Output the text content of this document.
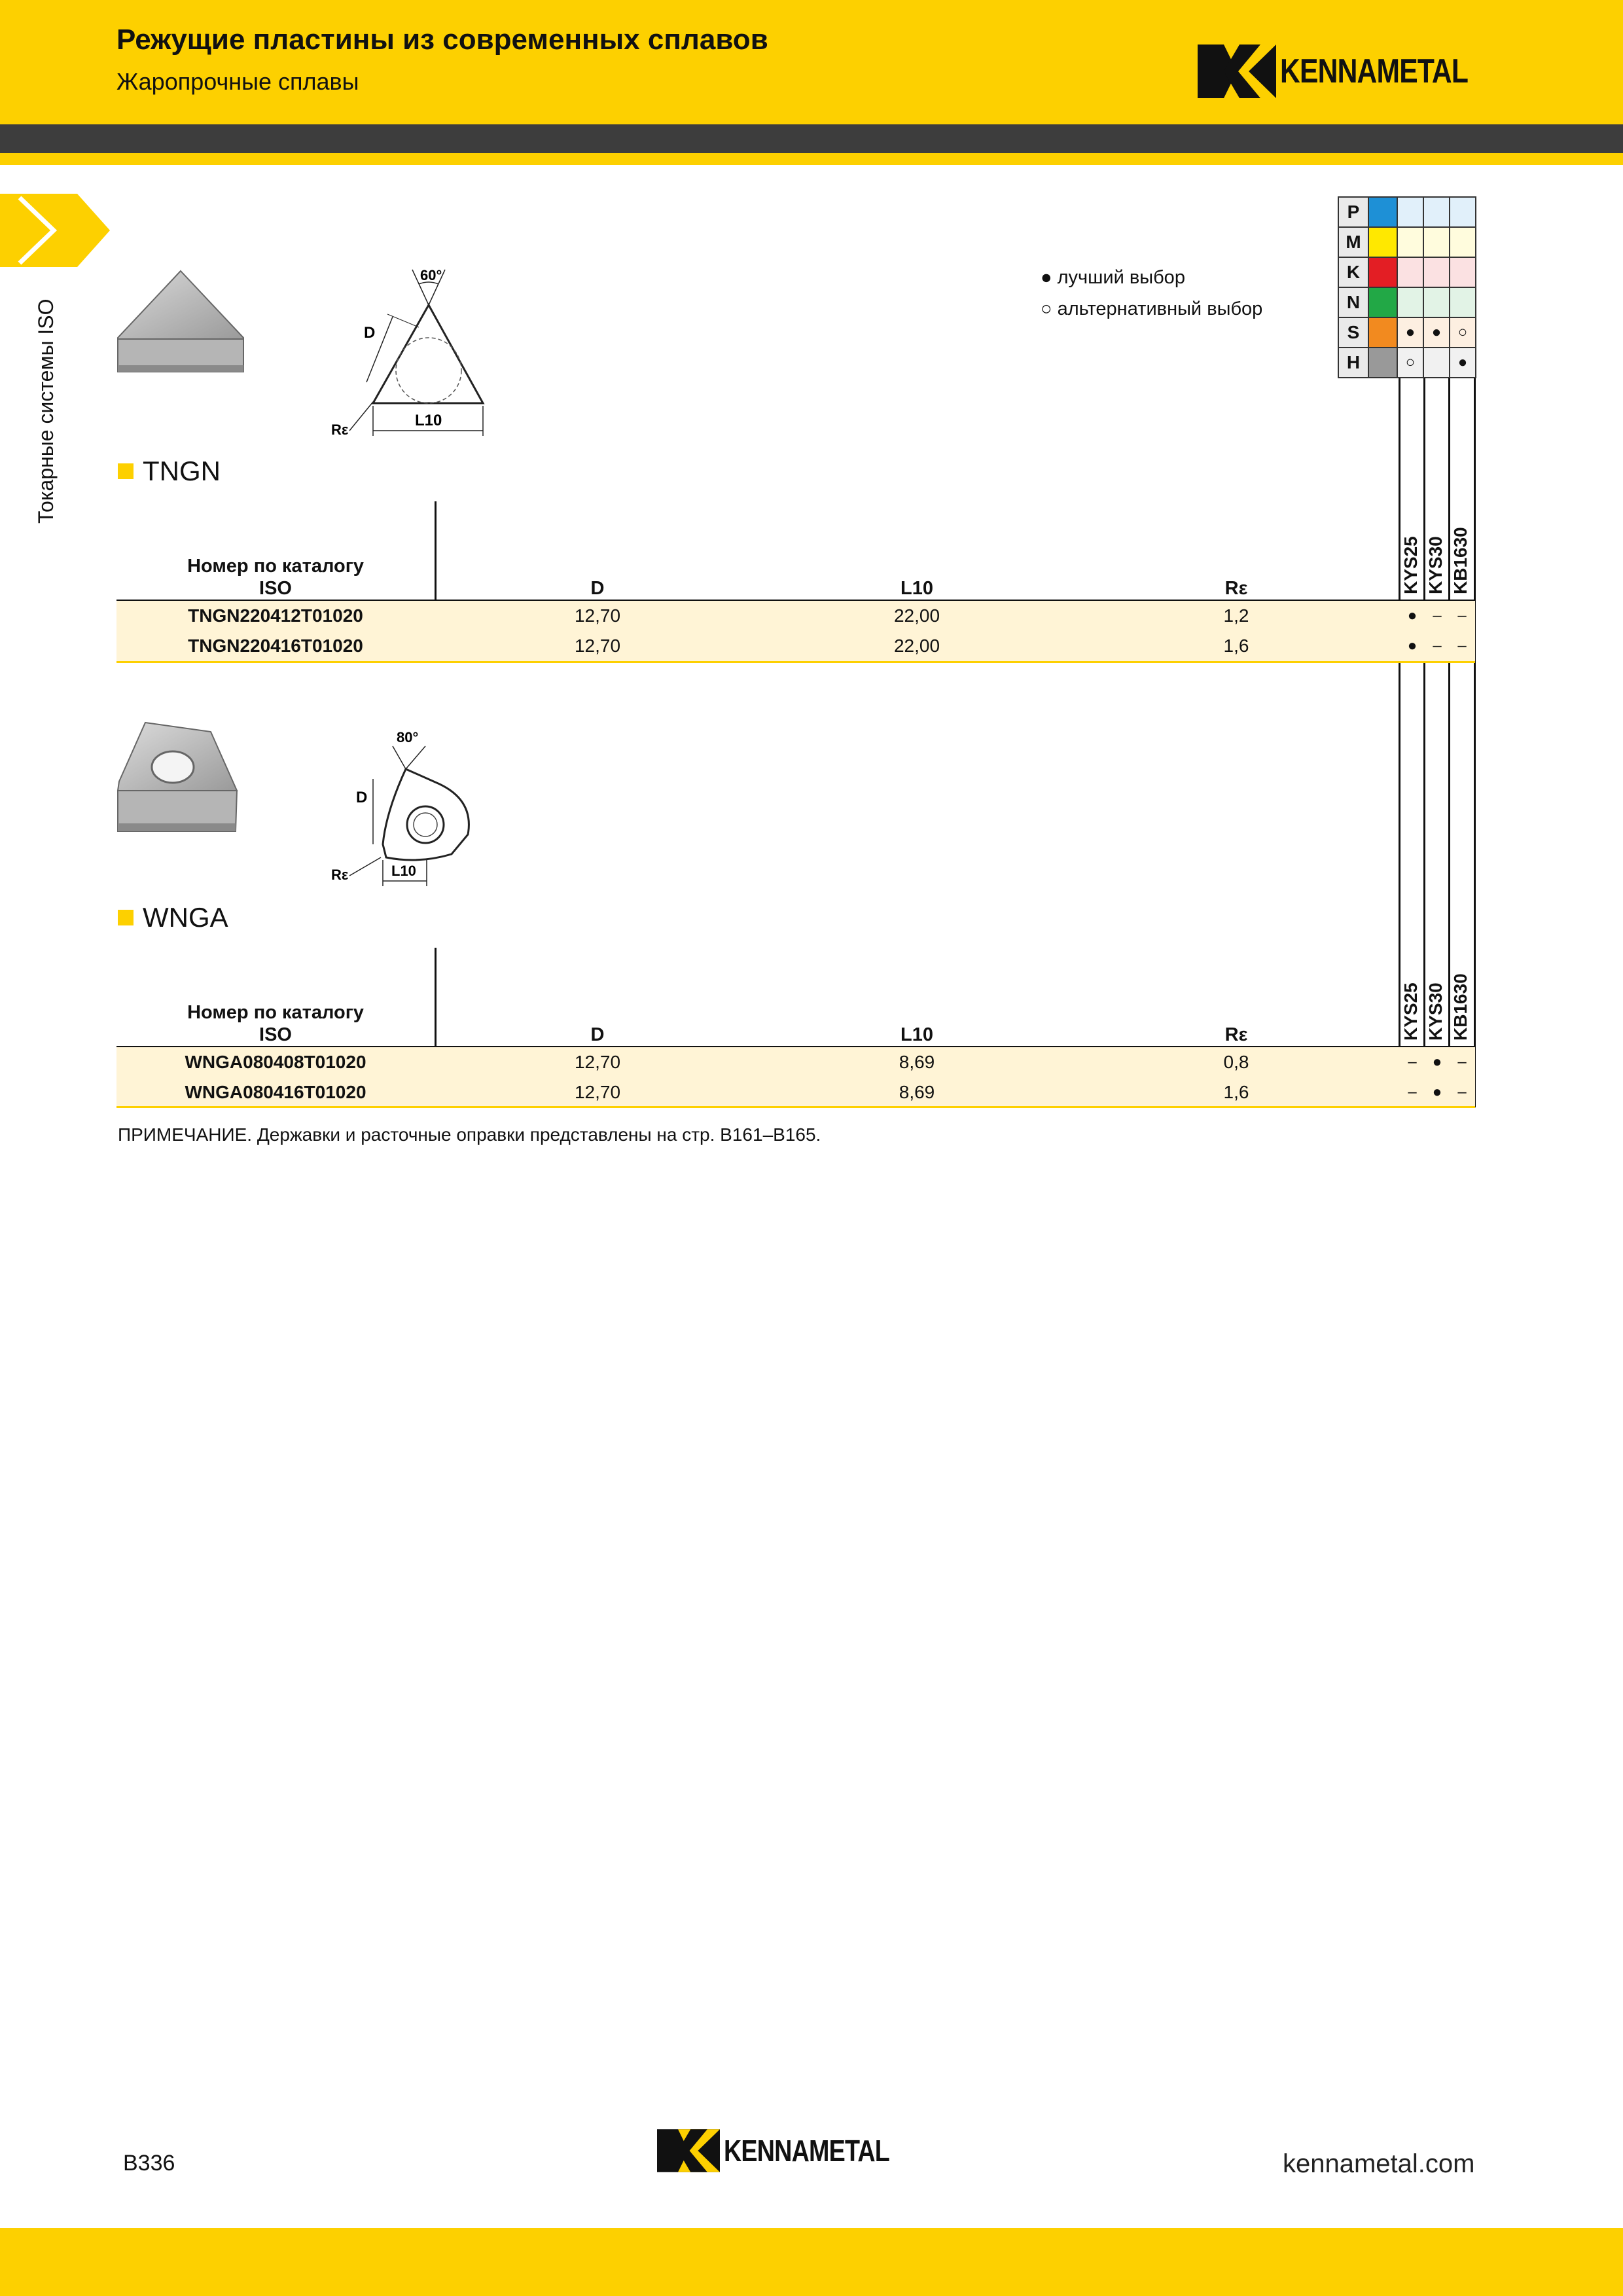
Режущие пластины из современных сплавов
Жаропрочные сплавы	KENNAMETAL
Токарные системы ISO
P				
M				
K				
N				
S		●	●	○
H		○		●
● лучший выбор
○ альтернативный выбор
60°
D
L10
Rε
TNGN
Номер по каталогу ISO	D	L10	Rε	KYS25 KYS30 KB1630
TNGN220412T01020	12,70	22,00	1,2	●	–	–
TNGN220416T01020	12,70	22,00	1,6	●	–	–
80°
D
L10
Rε
WNGA
Номер по каталогу ISO	D	L10	Rε	KYS25 KYS30 KB1630
WNGA080408T01020	12,70	8,69	0,8	–	●	–
WNGA080416T01020	12,70	8,69	1,6	–	●	–
ПРИМЕЧАНИЕ. Державки и расточные оправки представлены на стр. B161–B165.
B336	KENNAMETAL	kennametal.com
